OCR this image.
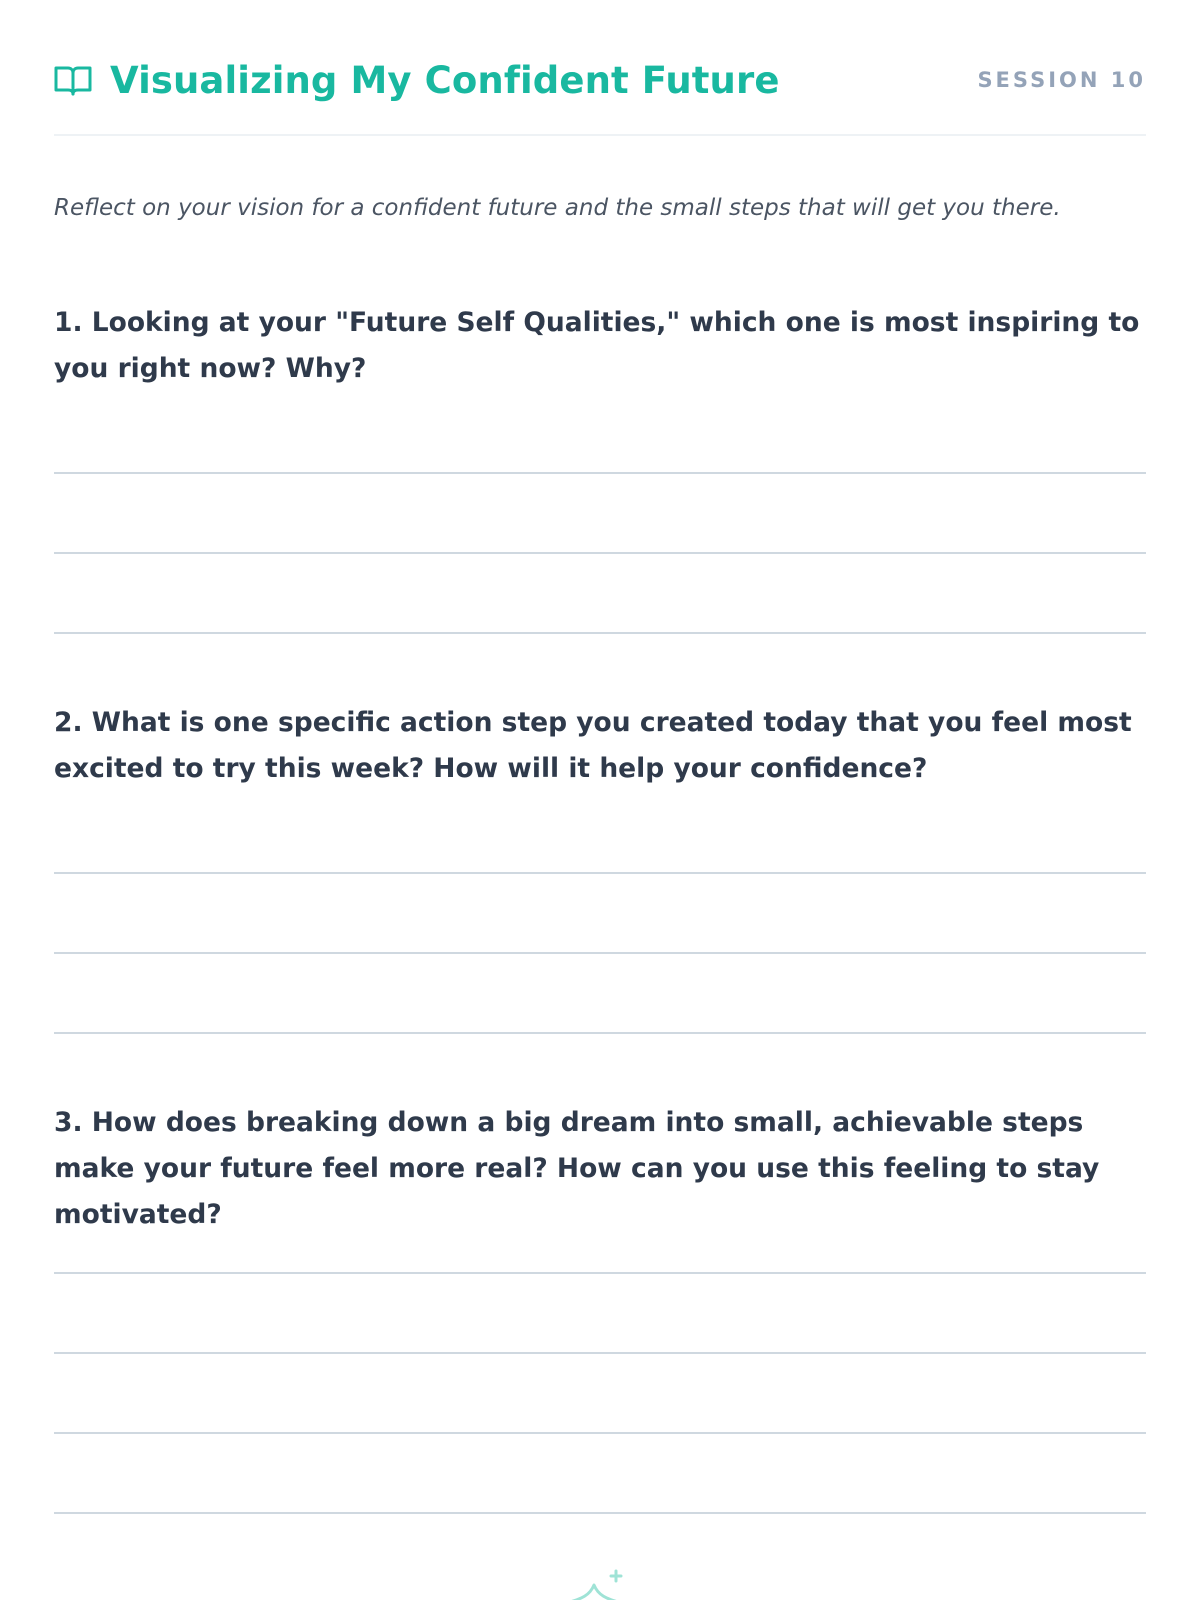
Visualizing My Confident Future	SESSION 10

Reflect on your vision for a confident future and the small steps that will get you there.

1. Looking at your "Future Self Qualities," which one is most inspiring to you right now? Why?

2. What is one specific action step you created today that you feel most excited to try this week? How will it help your confidence?

3. How does breaking down a big dream into small, achievable steps make your future feel more real? How can you use this feeling to stay motivated?
